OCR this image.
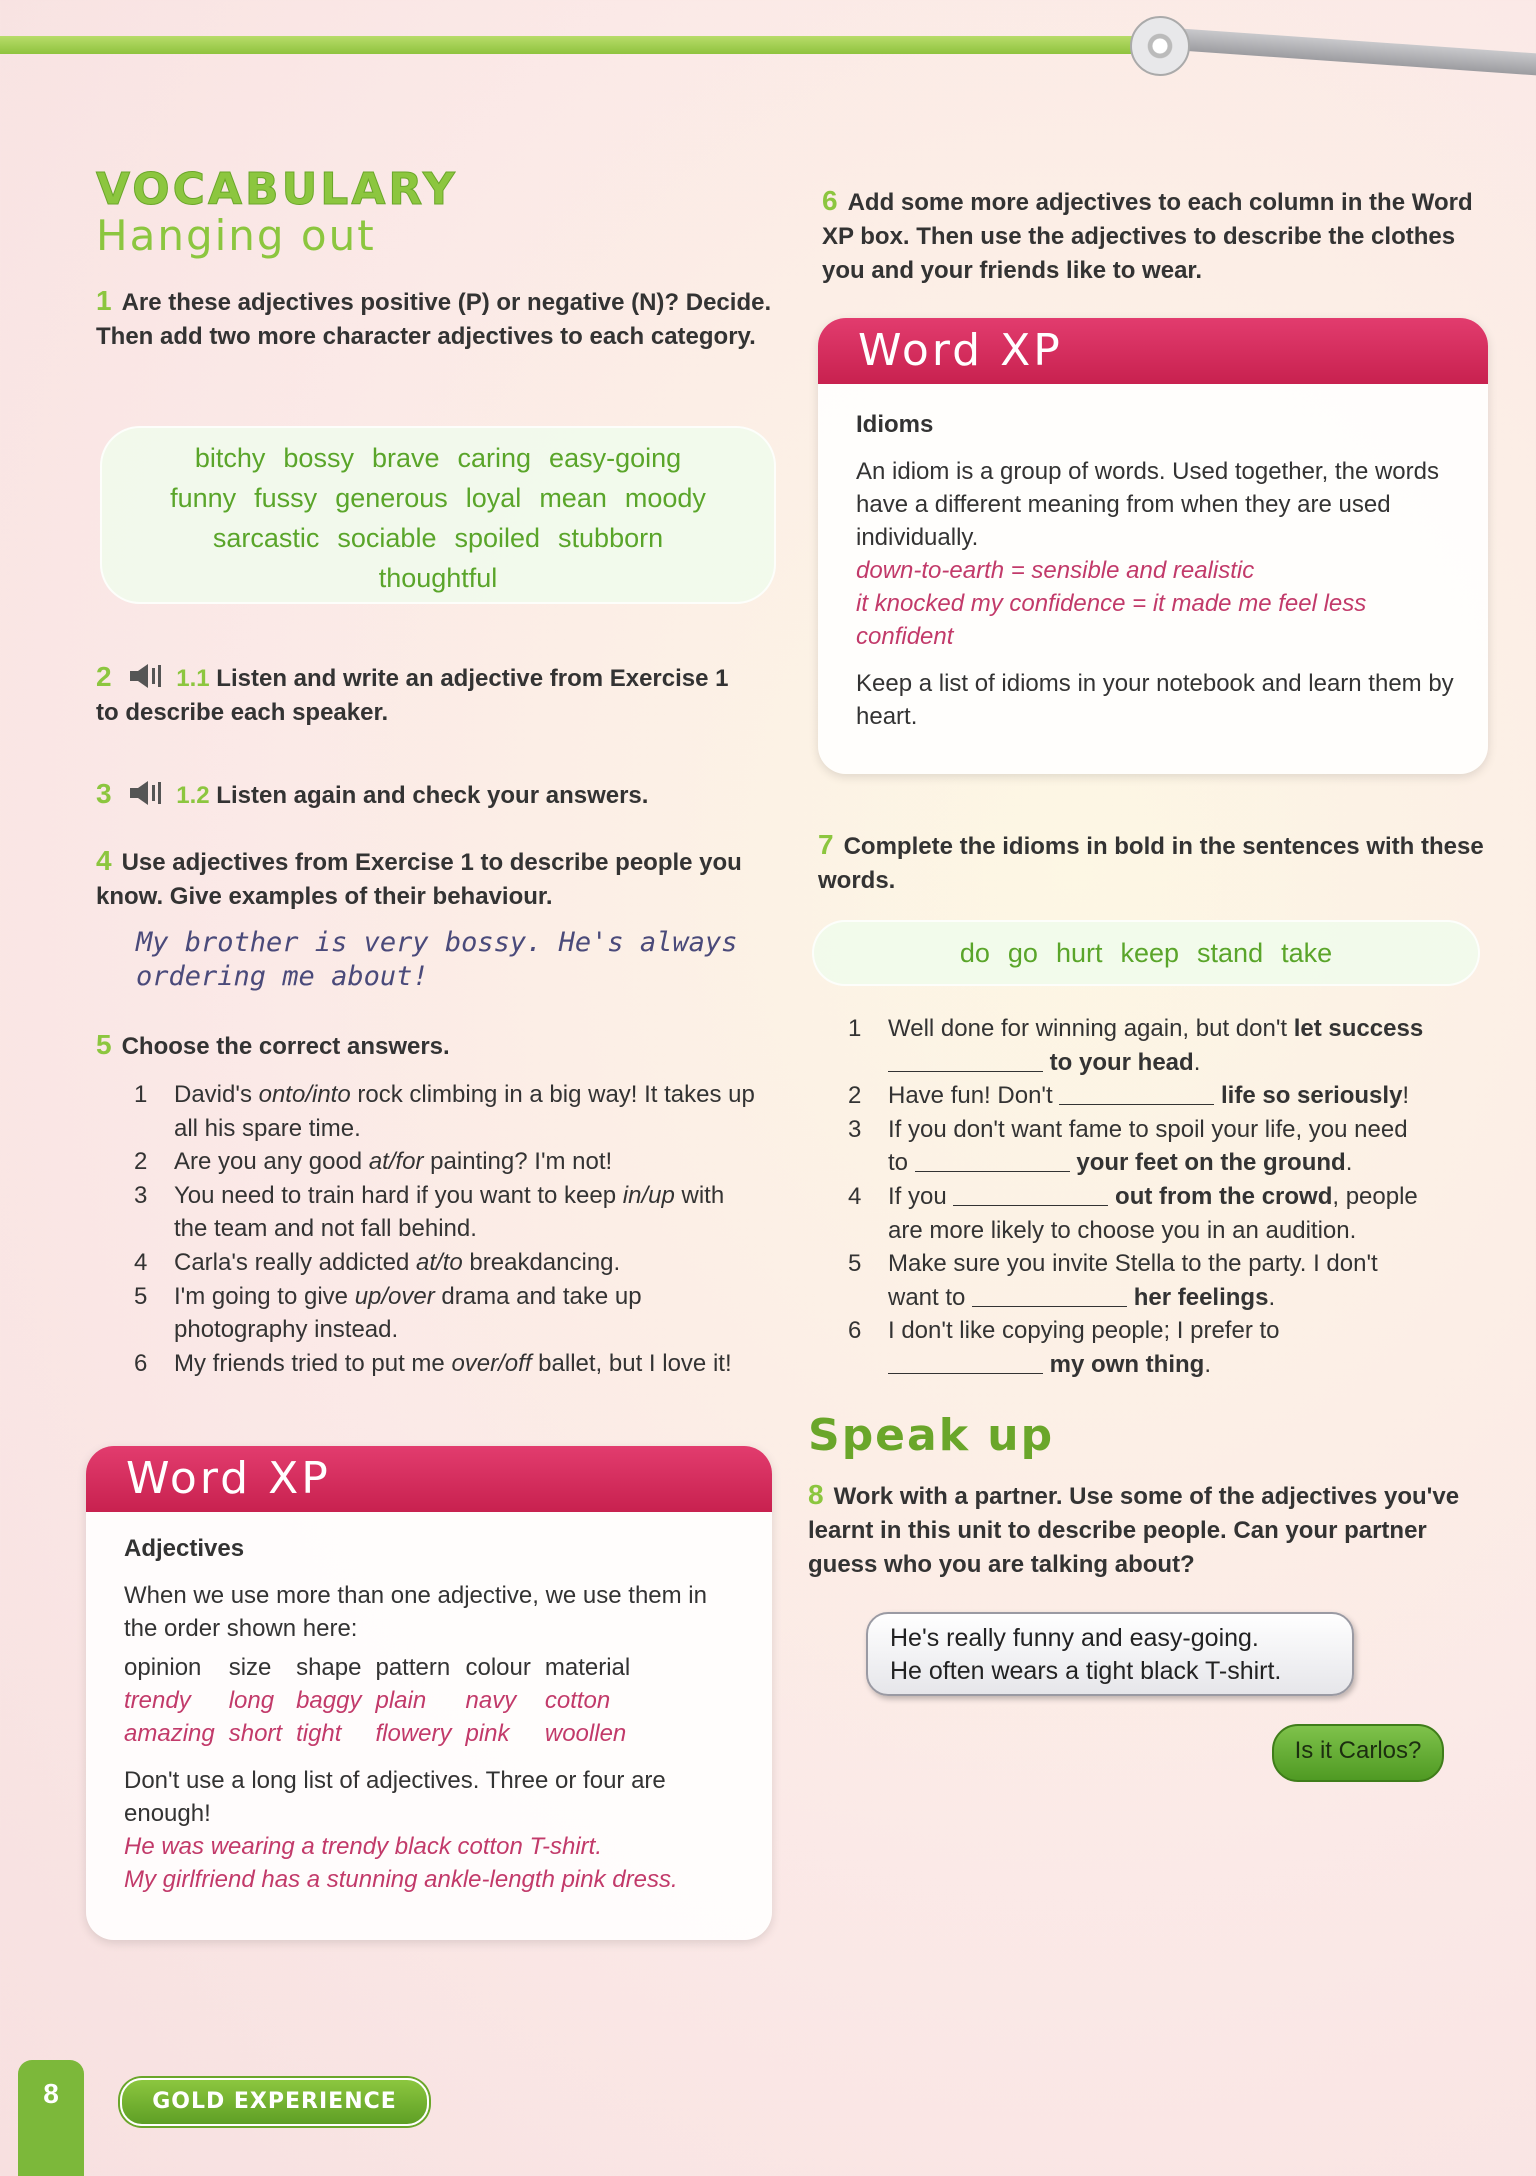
VOCABULARY
Hanging out
1 Are these adjectives positive (P) or negative (N)? Decide. Then add two more character adjectives to each category.
bitchy bossy brave caring easy-going
funny fussy generous loyal mean moody
sarcastic sociable spoiled stubborn
thoughtful
2	1.1 Listen and write an adjective from Exercise 1 to describe each speaker.
3	1.2 Listen again and check your answers.
4 Use adjectives from Exercise 1 to describe people you know. Give examples of their behaviour.
My brother is very bossy. He's always ordering me about!
5 Choose the correct answers.
1 David's onto/into rock climbing in a big way! It takes up all his spare time.
2 Are you any good at/for painting? I'm not!
3 You need to train hard if you want to keep in/up with the team and not fall behind.
4 Carla's really addicted at/to breakdancing.
5 I'm going to give up/over drama and take up photography instead.
6 My friends tried to put me over/off ballet, but I love it!
Word XP
Adjectives
When we use more than one adjective, we use them in the order shown here:
opinion	size	shape	pattern	colour	material
trendy	long	baggy	plain	navy	cotton
amazing	short	tight	flowery	pink	woollen
Don't use a long list of adjectives. Three or four are enough!
He was wearing a trendy black cotton T-shirt.
My girlfriend has a stunning ankle-length pink dress.
6 Add some more adjectives to each column in the Word XP box. Then use the adjectives to describe the clothes you and your friends like to wear.
Word XP
Idioms
An idiom is a group of words. Used together, the words have a different meaning from when they are used individually.
down-to-earth = sensible and realistic
it knocked my confidence = it made me feel less confident
Keep a list of idioms in your notebook and learn them by heart.
7 Complete the idioms in bold in the sentences with these words.
do go hurt keep stand take
1 Well done for winning again, but don't let success
to your head.
2 Have fun! Don't	life so seriously!
3 If you don't want fame to spoil your life, you need
to	your feet on the ground.
4 If you	out from the crowd, people
are more likely to choose you in an audition.
5 Make sure you invite Stella to the party. I don't
want to	her feelings.
6 I don't like copying people; I prefer to
my own thing.
Speak up
8 Work with a partner. Use some of the adjectives you've learnt in this unit to describe people. Can your partner guess who you are talking about?
He's really funny and easy-going.
He often wears a tight black T-shirt.
Is it Carlos?
8	GOLD EXPERIENCE
